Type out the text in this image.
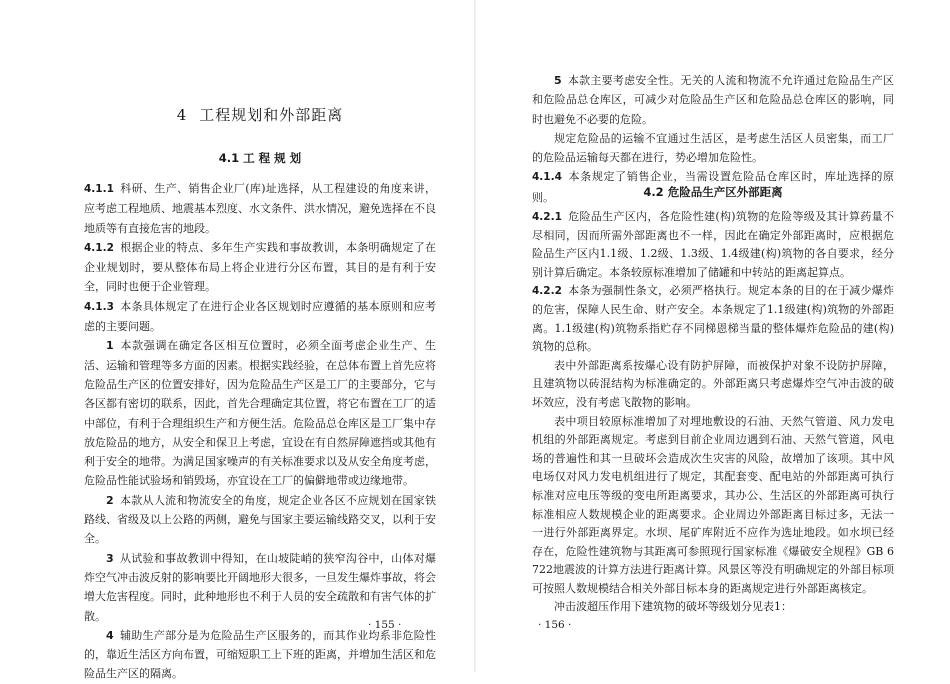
4 工程规划和外部距离
4.1 工 程 规 划

4.1.1 科研、生产、销售企业厂(库)址选择，从工程建设的角度来讲，应考虑工程地质、地震基本烈度、水文条件、洪水情况，避免选择在不良地质等有直接危害的地段。

4.1.2 根据企业的特点、多年生产实践和事故教训，本条明确规定了在企业规划时，要从整体布局上将企业进行分区布置，其目的是有利于安全，同时也便于企业管理。

4.1.3 本条具体规定了在进行企业各区规划时应遵循的基本原则和应考虑的主要问题。

1 本款强调在确定各区相互位置时，必须全面考虑企业生产、生活、运输和管理等多方面的因素。根据实践经验，在总体布置上首先应将危险品生产区的位置安排好，因为危险品生产区是工厂的主要部分，它与各区都有密切的联系，因此，首先合理确定其位置，将它布置在工厂的适中部位，有利于合理组织生产和方便生活。危险品总仓库区是工厂集中存放危险品的地方，从安全和保卫上考虑，宜设在有自然屏障遮挡或其他有利于安全的地带。为满足国家噪声的有关标准要求以及从安全角度考虑，危险品性能试验场和销毁场，亦宜设在工厂的偏僻地带或边缘地带。

2 本款从人流和物流安全的角度，规定企业各区不应规划在国家铁路线、省级及以上公路的两侧，避免与国家主要运输线路交叉，以利于安全。

3 从试验和事故教训中得知，在山坡陡峭的狭窄沟谷中，山体对爆炸空气冲击波反射的影响要比开阔地形大很多，一旦发生爆炸事故，将会增大危害程度。同时，此种地形也不利于人员的安全疏散和有害气体的扩散。

4 辅助生产部分是为危险品生产区服务的，而其作业均系非危险性的，靠近生活区方向布置，可缩短职工上下班的距离，并增加生活区和危险品生产区的隔离。

· 155 ·

5 本款主要考虑安全性。无关的人流和物流不允许通过危险品生产区和危险品总仓库区，可减少对危险品生产区和危险品总仓库区的影响，同时也避免不必要的危险。

规定危险品的运输不宜通过生活区，是考虑生活区人员密集，而工厂的危险品运输每天都在进行，势必增加危险性。

4.1.4 本条规定了销售企业，当需设置危险品仓库区时，库址选择的原则。	4.2 危险品生产区外部距离

4.2.1 危险品生产区内，各危险性建(构)筑物的危险等级及其计算药量不尽相同，因而所需外部距离也不一样，因此在确定外部距离时，应根据危险品生产区内1.1级、1.2级、1.3级、1.4级建(构)筑物的各自要求，经分别计算后确定。本条较原标准增加了储罐和中转站的距离起算点。

4.2.2 本条为强制性条文，必须严格执行。规定本条的目的在于减少爆炸的危害，保障人民生命、财产安全。本条规定了1.1级建(构)筑物的外部距离。1.1级建(构)筑物系指贮存不同梯恩梯当量的整体爆炸危险品的建(构)筑物的总称。

表中外部距离系按爆心设有防护屏障，而被保护对象不设防护屏障，且建筑物以砖混结构为标准确定的。外部距离只考虑爆炸空气冲击波的破坏效应，没有考虑飞散物的影响。

表中项目较原标准增加了对埋地敷设的石油、天然气管道、风力发电机组的外部距离规定。考虑到目前企业周边遇到石油、天然气管道，风电场的普遍性和其一旦破坏会造成次生灾害的风险，故增加了该项。其中风电场仅对风力发电机组进行了规定，其配套变、配电站的外部距离可执行标准对应电压等级的变电所距离要求，其办公、生活区的外部距离可执行标准相应人数规模企业的距离要求。企业周边外部距离目标过多，无法一一进行外部距离界定。水坝、尾矿库附近不应作为选址地段。如水坝已经存在，危险性建筑物与其距离可参照现行国家标准《爆破安全规程》GB 6722地震波的计算方法进行距离计算。风景区等没有明确规定的外部目标项可按照人数规模结合相关外部目标本身的距离规定进行外部距离核定。

冲击波超压作用下建筑物的破坏等级划分见表1：

· 156 ·
